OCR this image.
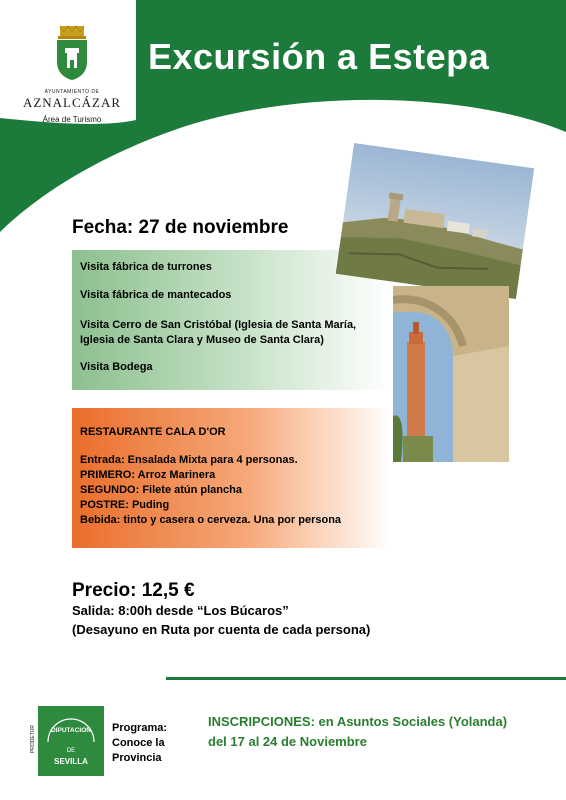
AYUNTAMIENTO DE
AZNALCÁZAR
Área de Turismo
Excursión a Estepa
Fecha: 27 de noviembre

Visita fábrica de turrones

Visita fábrica de mantecados

Visita Cerro de San Cristóbal (Iglesia de Santa María,

Iglesia de Santa Clara y Museo de Santa Clara)

Visita Bodega

RESTAURANTE CALA D'OR

Entrada: Ensalada Mixta para 4 personas.

PRIMERO: Arroz Marinera

SEGUNDO: Filete atún plancha

POSTRE: Puding

Bebida: tinto y casera o cerveza. Una por persona

Precio: 12,5 €

Salida: 8:00h desde “Los Búcaros”

(Desayuno en Ruta por cuenta de cada persona)

PRODETUR DIPUTACION
DE
SEVILLA

Programa:
Conoce la
Provincia

INSCRIPCIONES: en Asuntos Sociales (Yolanda)
del 17 al 24 de Noviembre
